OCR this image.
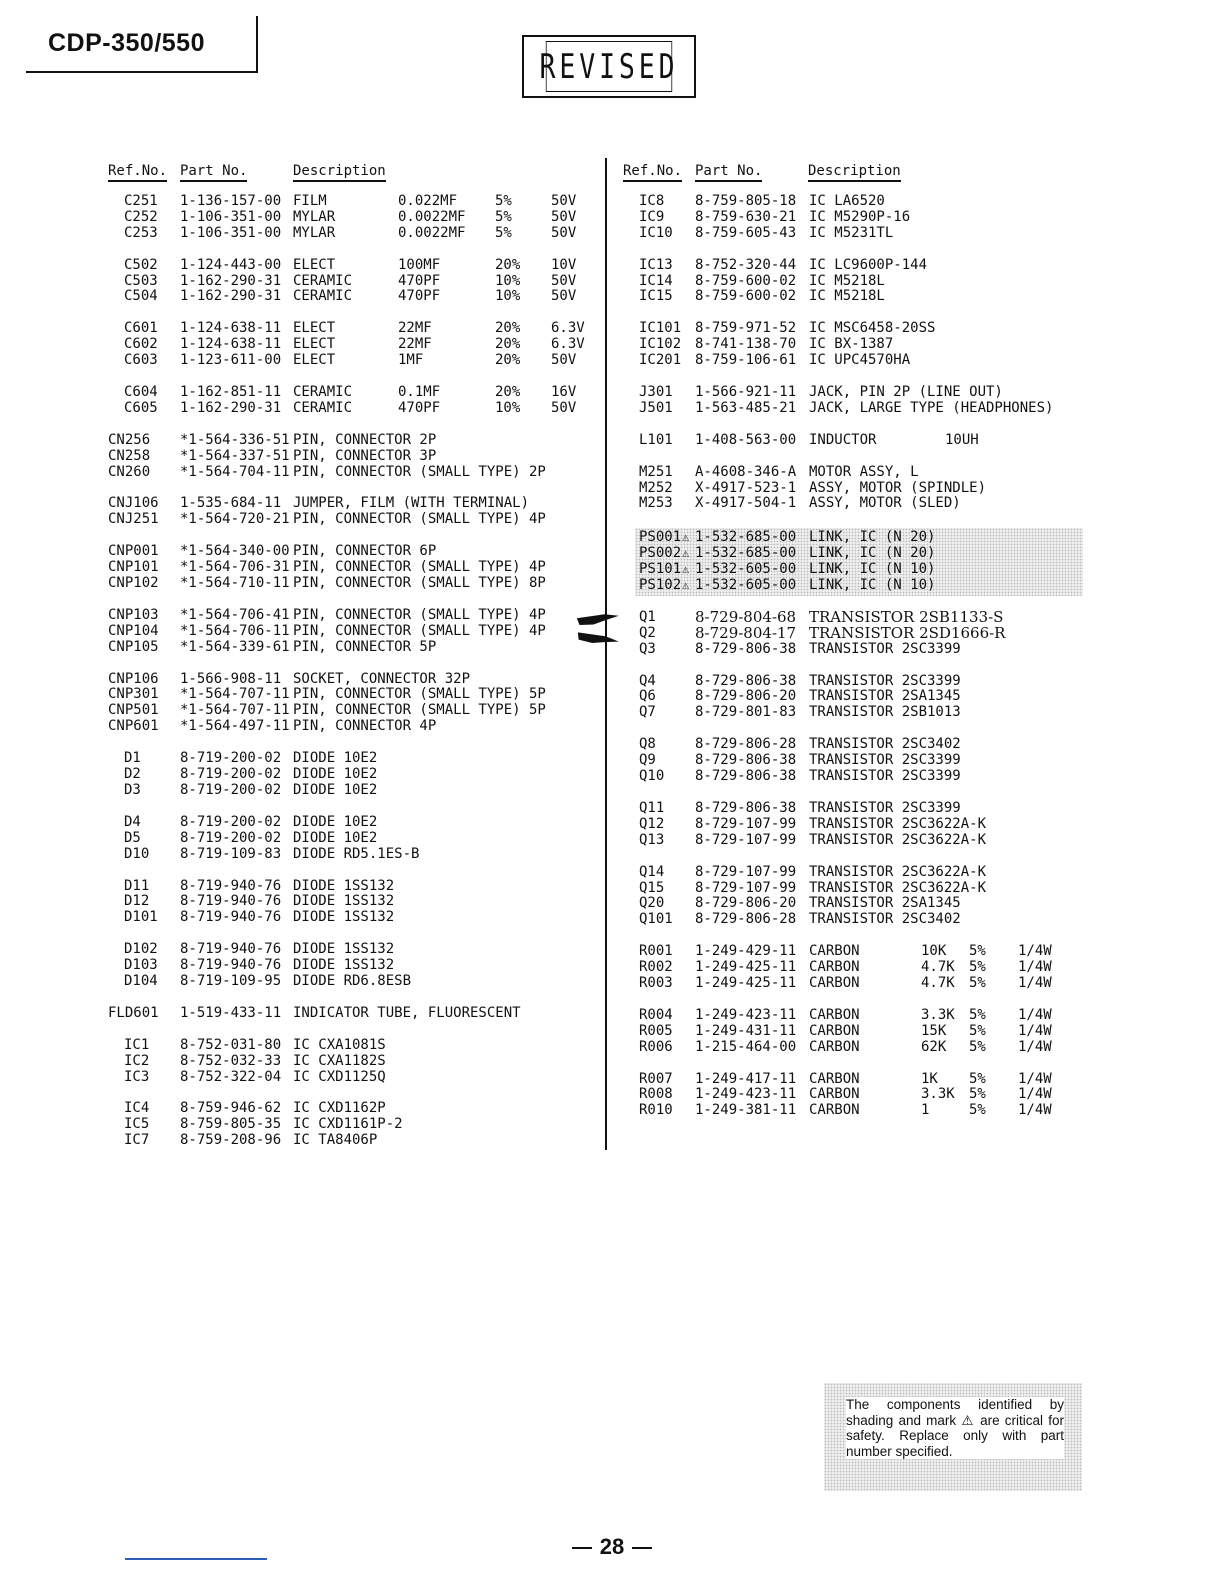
CDP-350/550
REVISED
Ref.No. Part No.	Description
C251 1-136-157-00 FILM	0.022MF	5%	50V
C252 1-106-351-00 MYLAR	0.0022MF 5%	50V
C253 1-106-351-00 MYLAR	0.0022MF 5%	50V
C502 1-124-443-00 ELECT	100MF	20% 10V
C503 1-162-290-31 CERAMIC	470PF	10% 50V
C504 1-162-290-31 CERAMIC	470PF	10% 50V
C601 1-124-638-11 ELECT	22MF	20% 6.3V
C602 1-124-638-11 ELECT	22MF	20% 6.3V
C603 1-123-611-00 ELECT	1MF	20% 50V
C604 1-162-851-11 CERAMIC	0.1MF	20% 16V
C605 1-162-290-31 CERAMIC	470PF	10% 50V
CN256 *1-564-336-51 PIN, CONNECTOR 2P
CN258 *1-564-337-51 PIN, CONNECTOR 3P
CN260 *1-564-704-11 PIN, CONNECTOR (SMALL TYPE) 2P
CNJ106 1-535-684-11 JUMPER, FILM (WITH TERMINAL)
CNJ251 *1-564-720-21 PIN, CONNECTOR (SMALL TYPE) 4P
CNP001 *1-564-340-00 PIN, CONNECTOR 6P
CNP101 *1-564-706-31 PIN, CONNECTOR (SMALL TYPE) 4P
CNP102 *1-564-710-11 PIN, CONNECTOR (SMALL TYPE) 8P
CNP103 *1-564-706-41 PIN, CONNECTOR (SMALL TYPE) 4P
CNP104 *1-564-706-11 PIN, CONNECTOR (SMALL TYPE) 4P
CNP105 *1-564-339-61 PIN, CONNECTOR 5P
CNP106 1-566-908-11 SOCKET, CONNECTOR 32P
CNP301 *1-564-707-11 PIN, CONNECTOR (SMALL TYPE) 5P
CNP501 *1-564-707-11 PIN, CONNECTOR (SMALL TYPE) 5P
CNP601 *1-564-497-11 PIN, CONNECTOR 4P
D1	8-719-200-02 DIODE 10E2
D2	8-719-200-02 DIODE 10E2
D3	8-719-200-02 DIODE 10E2
D4	8-719-200-02 DIODE 10E2
D5	8-719-200-02 DIODE 10E2
D10 8-719-109-83 DIODE RD5.1ES-B
D11 8-719-940-76 DIODE 1SS132
D12 8-719-940-76 DIODE 1SS132
D101 8-719-940-76 DIODE 1SS132
D102 8-719-940-76 DIODE 1SS132
D103 8-719-940-76 DIODE 1SS132
D104 8-719-109-95 DIODE RD6.8ESB
FLD601 1-519-433-11 INDICATOR TUBE, FLUORESCENT
IC1 8-752-031-80 IC CXA1081S
IC2 8-752-032-33 IC CXA1182S
IC3 8-752-322-04 IC CXD1125Q
IC4 8-759-946-62 IC CXD1162P
IC5 8-759-805-35 IC CXD1161P-2
IC7 8-759-208-96 IC TA8406P
Ref.No. Part No.	Description
IC8 8-759-805-18 IC LA6520
IC9 8-759-630-21 IC M5290P-16
IC10 8-759-605-43 IC M5231TL
IC13 8-752-320-44 IC LC9600P-144
IC14 8-759-600-02 IC M5218L
IC15 8-759-600-02 IC M5218L
IC101 8-759-971-52 IC MSC6458-20SS
IC102 8-741-138-70 IC BX-1387
IC201 8-759-106-61 IC UPC4570HA
J301 1-566-921-11 JACK, PIN 2P (LINE OUT)
J501 1-563-485-21 JACK, LARGE TYPE (HEADPHONES)
L101 1-408-563-00 INDUCTOR	10UH
M251 A-4608-346-A MOTOR ASSY, L
M252 X-4917-523-1 ASSY, MOTOR (SPINDLE)
M253 X-4917-504-1 ASSY, MOTOR (SLED)
PS001 ⚠ 1-532-685-00 LINK, IC (N 20)
PS002 ⚠ 1-532-685-00 LINK, IC (N 20)
PS101 ⚠ 1-532-605-00 LINK, IC (N 10)
PS102 ⚠ 1-532-605-00 LINK, IC (N 10)
Q1	8-729-804-68 TRANSISTOR 2SB1133-S
Q2	8-729-804-17 TRANSISTOR 2SD1666-R
Q3	8-729-806-38 TRANSISTOR 2SC3399
Q4	8-729-806-38 TRANSISTOR 2SC3399
Q6	8-729-806-20 TRANSISTOR 2SA1345
Q7	8-729-801-83 TRANSISTOR 2SB1013
Q8	8-729-806-28 TRANSISTOR 2SC3402
Q9	8-729-806-38 TRANSISTOR 2SC3399
Q10 8-729-806-38 TRANSISTOR 2SC3399
Q11 8-729-806-38 TRANSISTOR 2SC3399
Q12 8-729-107-99 TRANSISTOR 2SC3622A-K
Q13 8-729-107-99 TRANSISTOR 2SC3622A-K
Q14 8-729-107-99 TRANSISTOR 2SC3622A-K
Q15 8-729-107-99 TRANSISTOR 2SC3622A-K
Q20 8-729-806-20 TRANSISTOR 2SA1345
Q101 8-729-806-28 TRANSISTOR 2SC3402
R001 1-249-429-11 CARBON	10K 5% 1/4W
R002 1-249-425-11 CARBON	4.7K 5% 1/4W
R003 1-249-425-11 CARBON	4.7K 5% 1/4W
R004 1-249-423-11 CARBON	3.3K 5% 1/4W
R005 1-249-431-11 CARBON	15K 5% 1/4W
R006 1-215-464-00 CARBON	62K 5% 1/4W
R007 1-249-417-11 CARBON	1K 5% 1/4W
R008 1-249-423-11 CARBON	3.3K 5% 1/4W
R010 1-249-381-11 CARBON	1	5% 1/4W

The components identified by shading and mark ⚠ are critical for safety. Replace only with part number specified.

28
